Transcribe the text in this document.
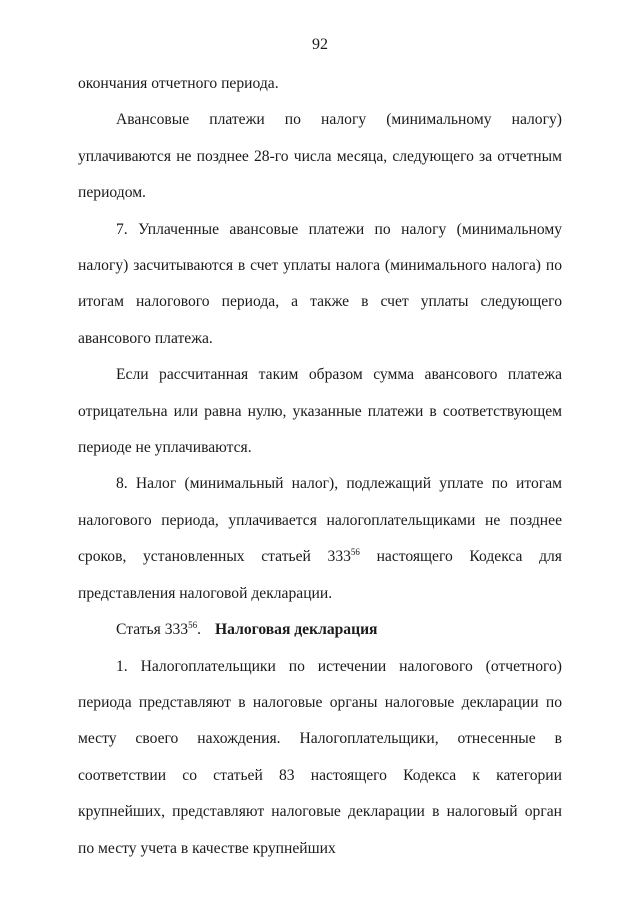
92

окончания отчетного периода.

Авансовые платежи по налогу (минимальному налогу) уплачиваются не позднее 28-го числа месяца, следующего за отчетным периодом.

7. Уплаченные авансовые платежи по налогу (минимальному налогу) засчитываются в счет уплаты налога (минимального налога) по итогам налогового периода, а также в счет уплаты следующего авансового платежа.

Если рассчитанная таким образом сумма авансового платежа отрицательна или равна нулю, указанные платежи в соответствующем периоде не уплачиваются.

8. Налог (минимальный налог), подлежащий уплате по итогам налогового периода, уплачивается налогоплательщиками не позднее

сроков, установленных статьей $333^{56}$ настоящего Кодекса для

представления налоговой декларации.

Статья $333^{56}$. Налоговая декларация

1. Налогоплательщики по истечении налогового (отчетного) периода представляют в налоговые органы налоговые декларации по месту своего нахождения. Налогоплательщики, отнесенные в соответствии со статьей 83 настоящего Кодекса к категории крупнейших, представляют налоговые декларации в налоговый орган по месту учета в качестве крупнейших
